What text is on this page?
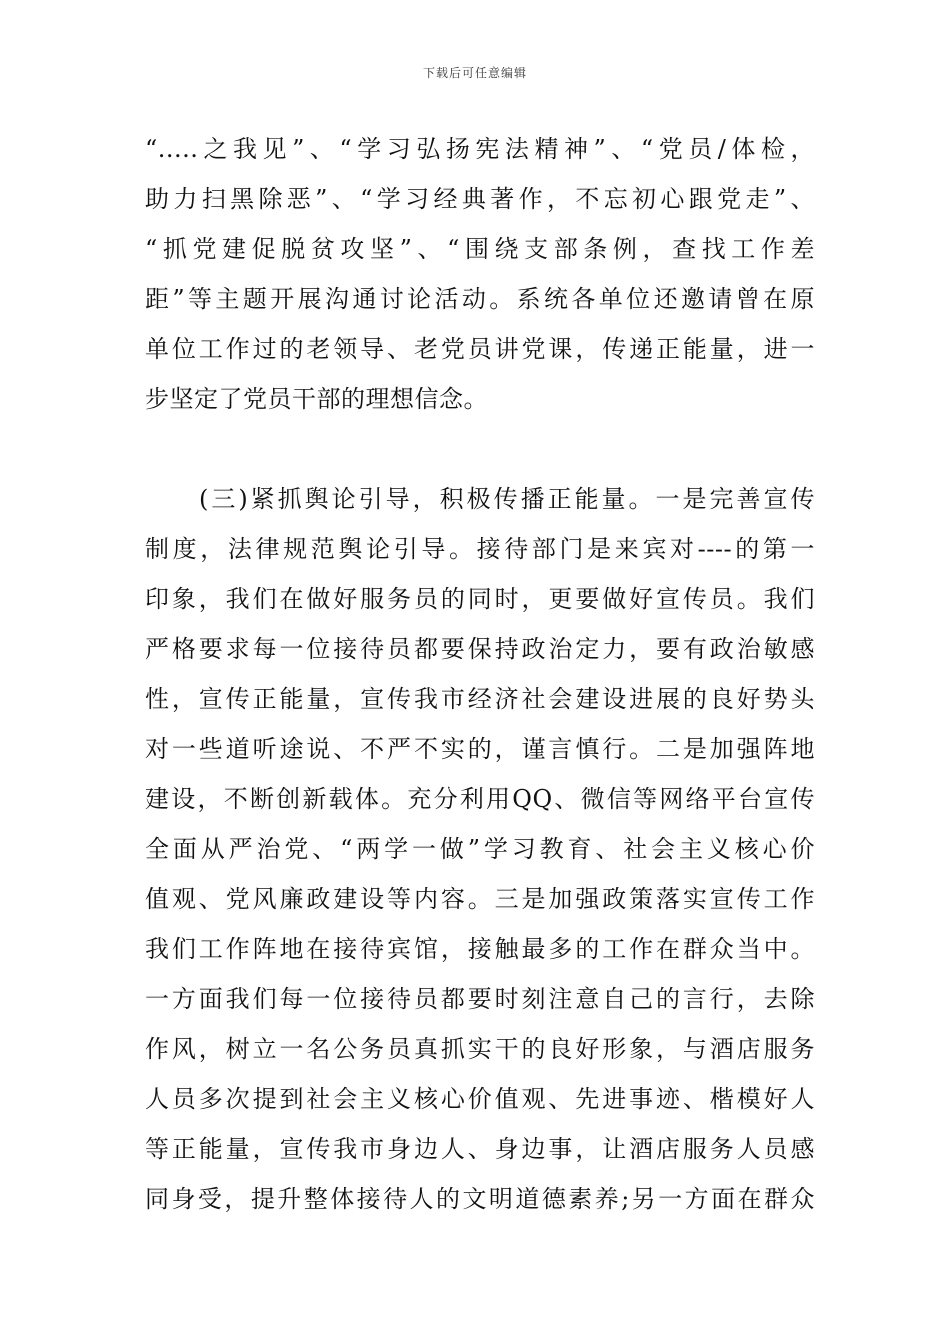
下载后可任意编辑
“.....之我见”、“学习弘扬宪法精神”、“党员/体检，
助力扫黑除恶”、“学习经典著作，不忘初心跟党走”、
“抓党建促脱贫攻坚”、“围绕支部条例，查找工作差
距”等主题开展沟通讨论活动。系统各单位还邀请曾在原
单位工作过的老领导、老党员讲党课，传递正能量，进一
步坚定了党员干部的理想信念。
　　(三)紧抓舆论引导，积极传播正能量。一是完善宣传
制度，法律规范舆论引导。接待部门是来宾对----的第一
印象，我们在做好服务员的同时，更要做好宣传员。我们
严格要求每一位接待员都要保持政治定力，要有政治敏感
性，宣传正能量，宣传我市经济社会建设进展的良好势头
对一些道听途说、不严不实的，谨言慎行。二是加强阵地
建设，不断创新载体。充分利用QQ、微信等网络平台宣传
全面从严治党、“两学一做”学习教育、社会主义核心价
值观、党风廉政建设等内容。三是加强政策落实宣传工作
我们工作阵地在接待宾馆，接触最多的工作在群众当中。
一方面我们每一位接待员都要时刻注意自己的言行，去除
作风，树立一名公务员真抓实干的良好形象，与酒店服务
人员多次提到社会主义核心价值观、先进事迹、楷模好人
等正能量，宣传我市身边人、身边事，让酒店服务人员感
同身受，提升整体接待人的文明道德素养;另一方面在群众
